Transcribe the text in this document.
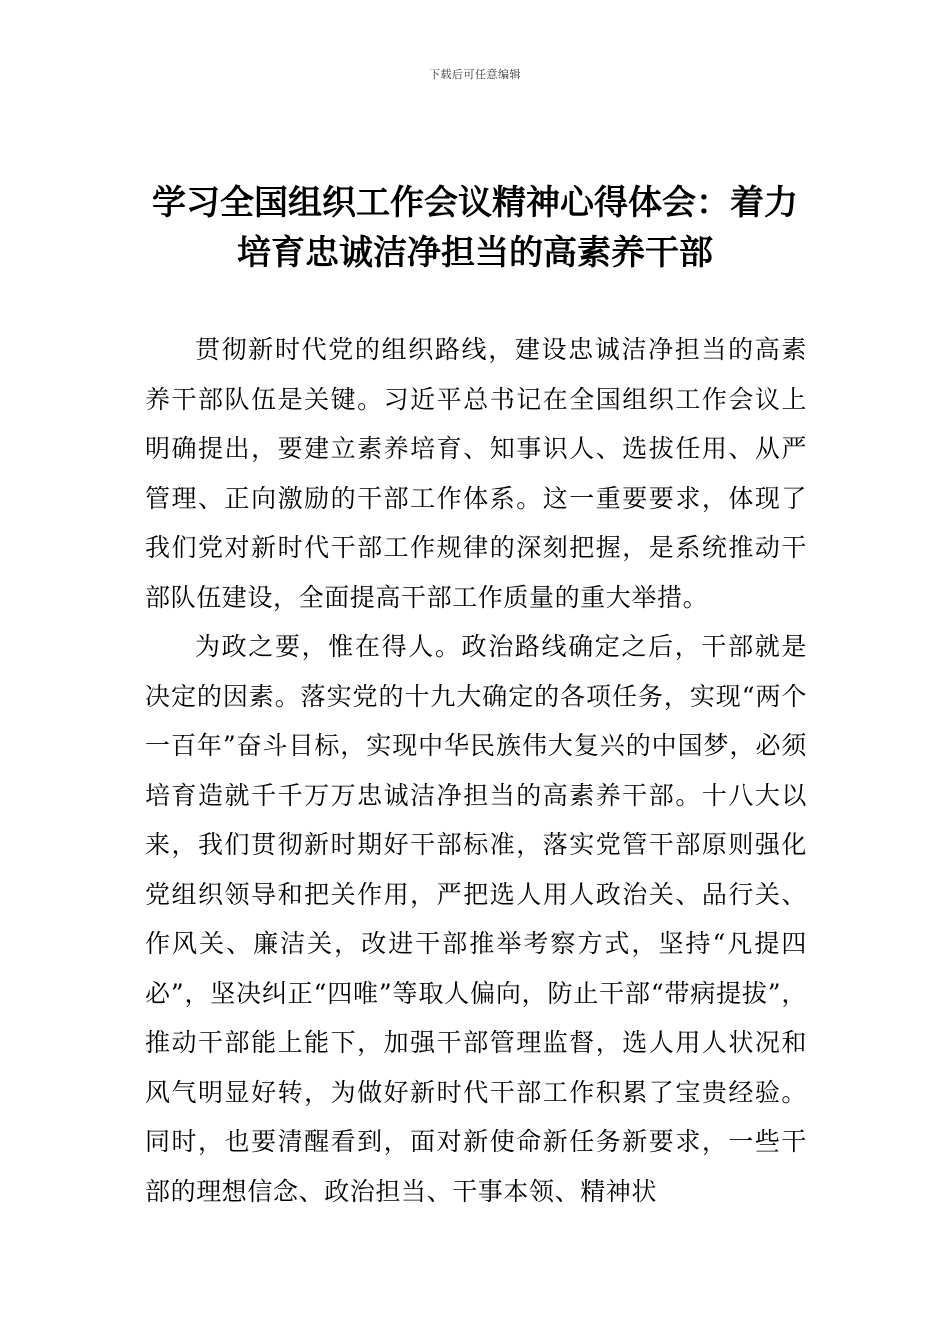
下载后可任意编辑
学习全国组织工作会议精神心得体会：着力培育忠诚洁净担当的高素养干部

贯彻新时代党的组织路线，建设忠诚洁净担当的高素养干部队伍是关键。习近平总书记在全国组织工作会议上明确提出，要建立素养培育、知事识人、选拔任用、从严管理、正向激励的干部工作体系。这一重要要求，体现了我们党对新时代干部工作规律的深刻把握，是系统推动干部队伍建设，全面提高干部工作质量的重大举措。

为政之要，惟在得人。政治路线确定之后，干部就是决定的因素。落实党的十九大确定的各项任务，实现“两个一百年”奋斗目标，实现中华民族伟大复兴的中国梦，必须培育造就千千万万忠诚洁净担当的高素养干部。十八大以来，我们贯彻新时期好干部标准，落实党管干部原则强化党组织领导和把关作用，严把选人用人政治关、品行关、作风关、廉洁关，改进干部推举考察方式，坚持“凡提四必”，坚决纠正“四唯”等取人偏向，防止干部“带病提拔”，推动干部能上能下，加强干部管理监督，选人用人状况和风气明显好转，为做好新时代干部工作积累了宝贵经验。同时，也要清醒看到，面对新使命新任务新要求，一些干部的理想信念、政治担当、干事本领、精神状
